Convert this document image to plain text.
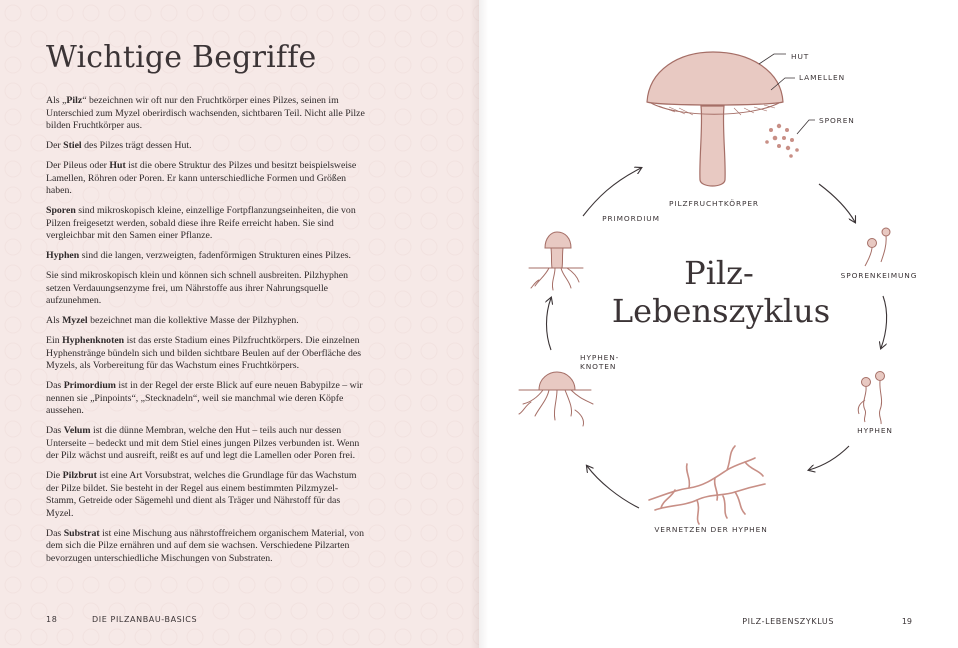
Wichtige Begriffe

Als „Pilz“ bezeichnen wir oft nur den Fruchtkörper eines Pilzes, seinen im Unterschied zum Myzel oberirdisch wachsenden, sichtbaren Teil. Nicht alle Pilze bilden Fruchtkörper aus.

Der Stiel des Pilzes trägt dessen Hut.

Der Pileus oder Hut ist die obere Struktur des Pilzes und besitzt beispielsweise Lamellen, Röhren oder Poren. Er kann unterschiedliche Formen und Größen haben.

Sporen sind mikroskopisch kleine, einzellige Fortpflanzungseinheiten, die von Pilzen freigesetzt werden, sobald diese ihre Reife erreicht haben. Sie sind vergleichbar mit den Samen einer Pflanze.

Hyphen sind die langen, verzweigten, fadenförmigen Strukturen eines Pilzes.

Sie sind mikroskopisch klein und können sich schnell ausbreiten. Pilzhyphen setzen Verdauungsenzyme frei, um Nährstoffe aus ihrer Nahrungsquelle aufzunehmen.

Als Myzel bezeichnet man die kollektive Masse der Pilzhyphen.

Ein Hyphenknoten ist das erste Stadium eines Pilzfruchtkörpers. Die einzelnen Hyphenstränge bündeln sich und bilden sichtbare Beulen auf der Oberfläche des Myzels, als Vorbereitung für das Wachstum eines Fruchtkörpers.

Das Primordium ist in der Regel der erste Blick auf eure neuen Babypilze – wir nennen sie „Pinpoints“, „Stecknadeln“, weil sie manchmal wie deren Köpfe aussehen.

Das Velum ist die dünne Membran, welche den Hut – teils auch nur dessen Unterseite – bedeckt und mit dem Stiel eines jungen Pilzes verbunden ist. Wenn der Pilz wächst und ausreift, reißt es auf und legt die Lamellen oder Poren frei.

Die Pilzbrut ist eine Art Vorsubstrat, welches die Grundlage für das Wachstum der Pilze bildet. Sie besteht in der Regel aus einem bestimmten Pilzmyzel-Stamm, Getreide oder Sägemehl und dient als Träger und Nährstoff für das Myzel.

Das Substrat ist eine Mischung aus nährstoffreichem organischem Material, von dem sich die Pilze ernähren und auf dem sie wachsen. Verschiedene Pilzarten bevorzugen unterschiedliche Mischungen von Substraten.

18	DIE PILZANBAU-BASICS
Pilz-
Lebenszyklus
HUT
LAMELLEN
SPOREN
PILZFRUCHTKÖRPER
SPORENKEIMUNG
HYPHEN
VERNETZEN DER HYPHEN
HYPHEN-
KNOTEN
PRIMORDIUM
PILZ-LEBENSZYKLUS	19
